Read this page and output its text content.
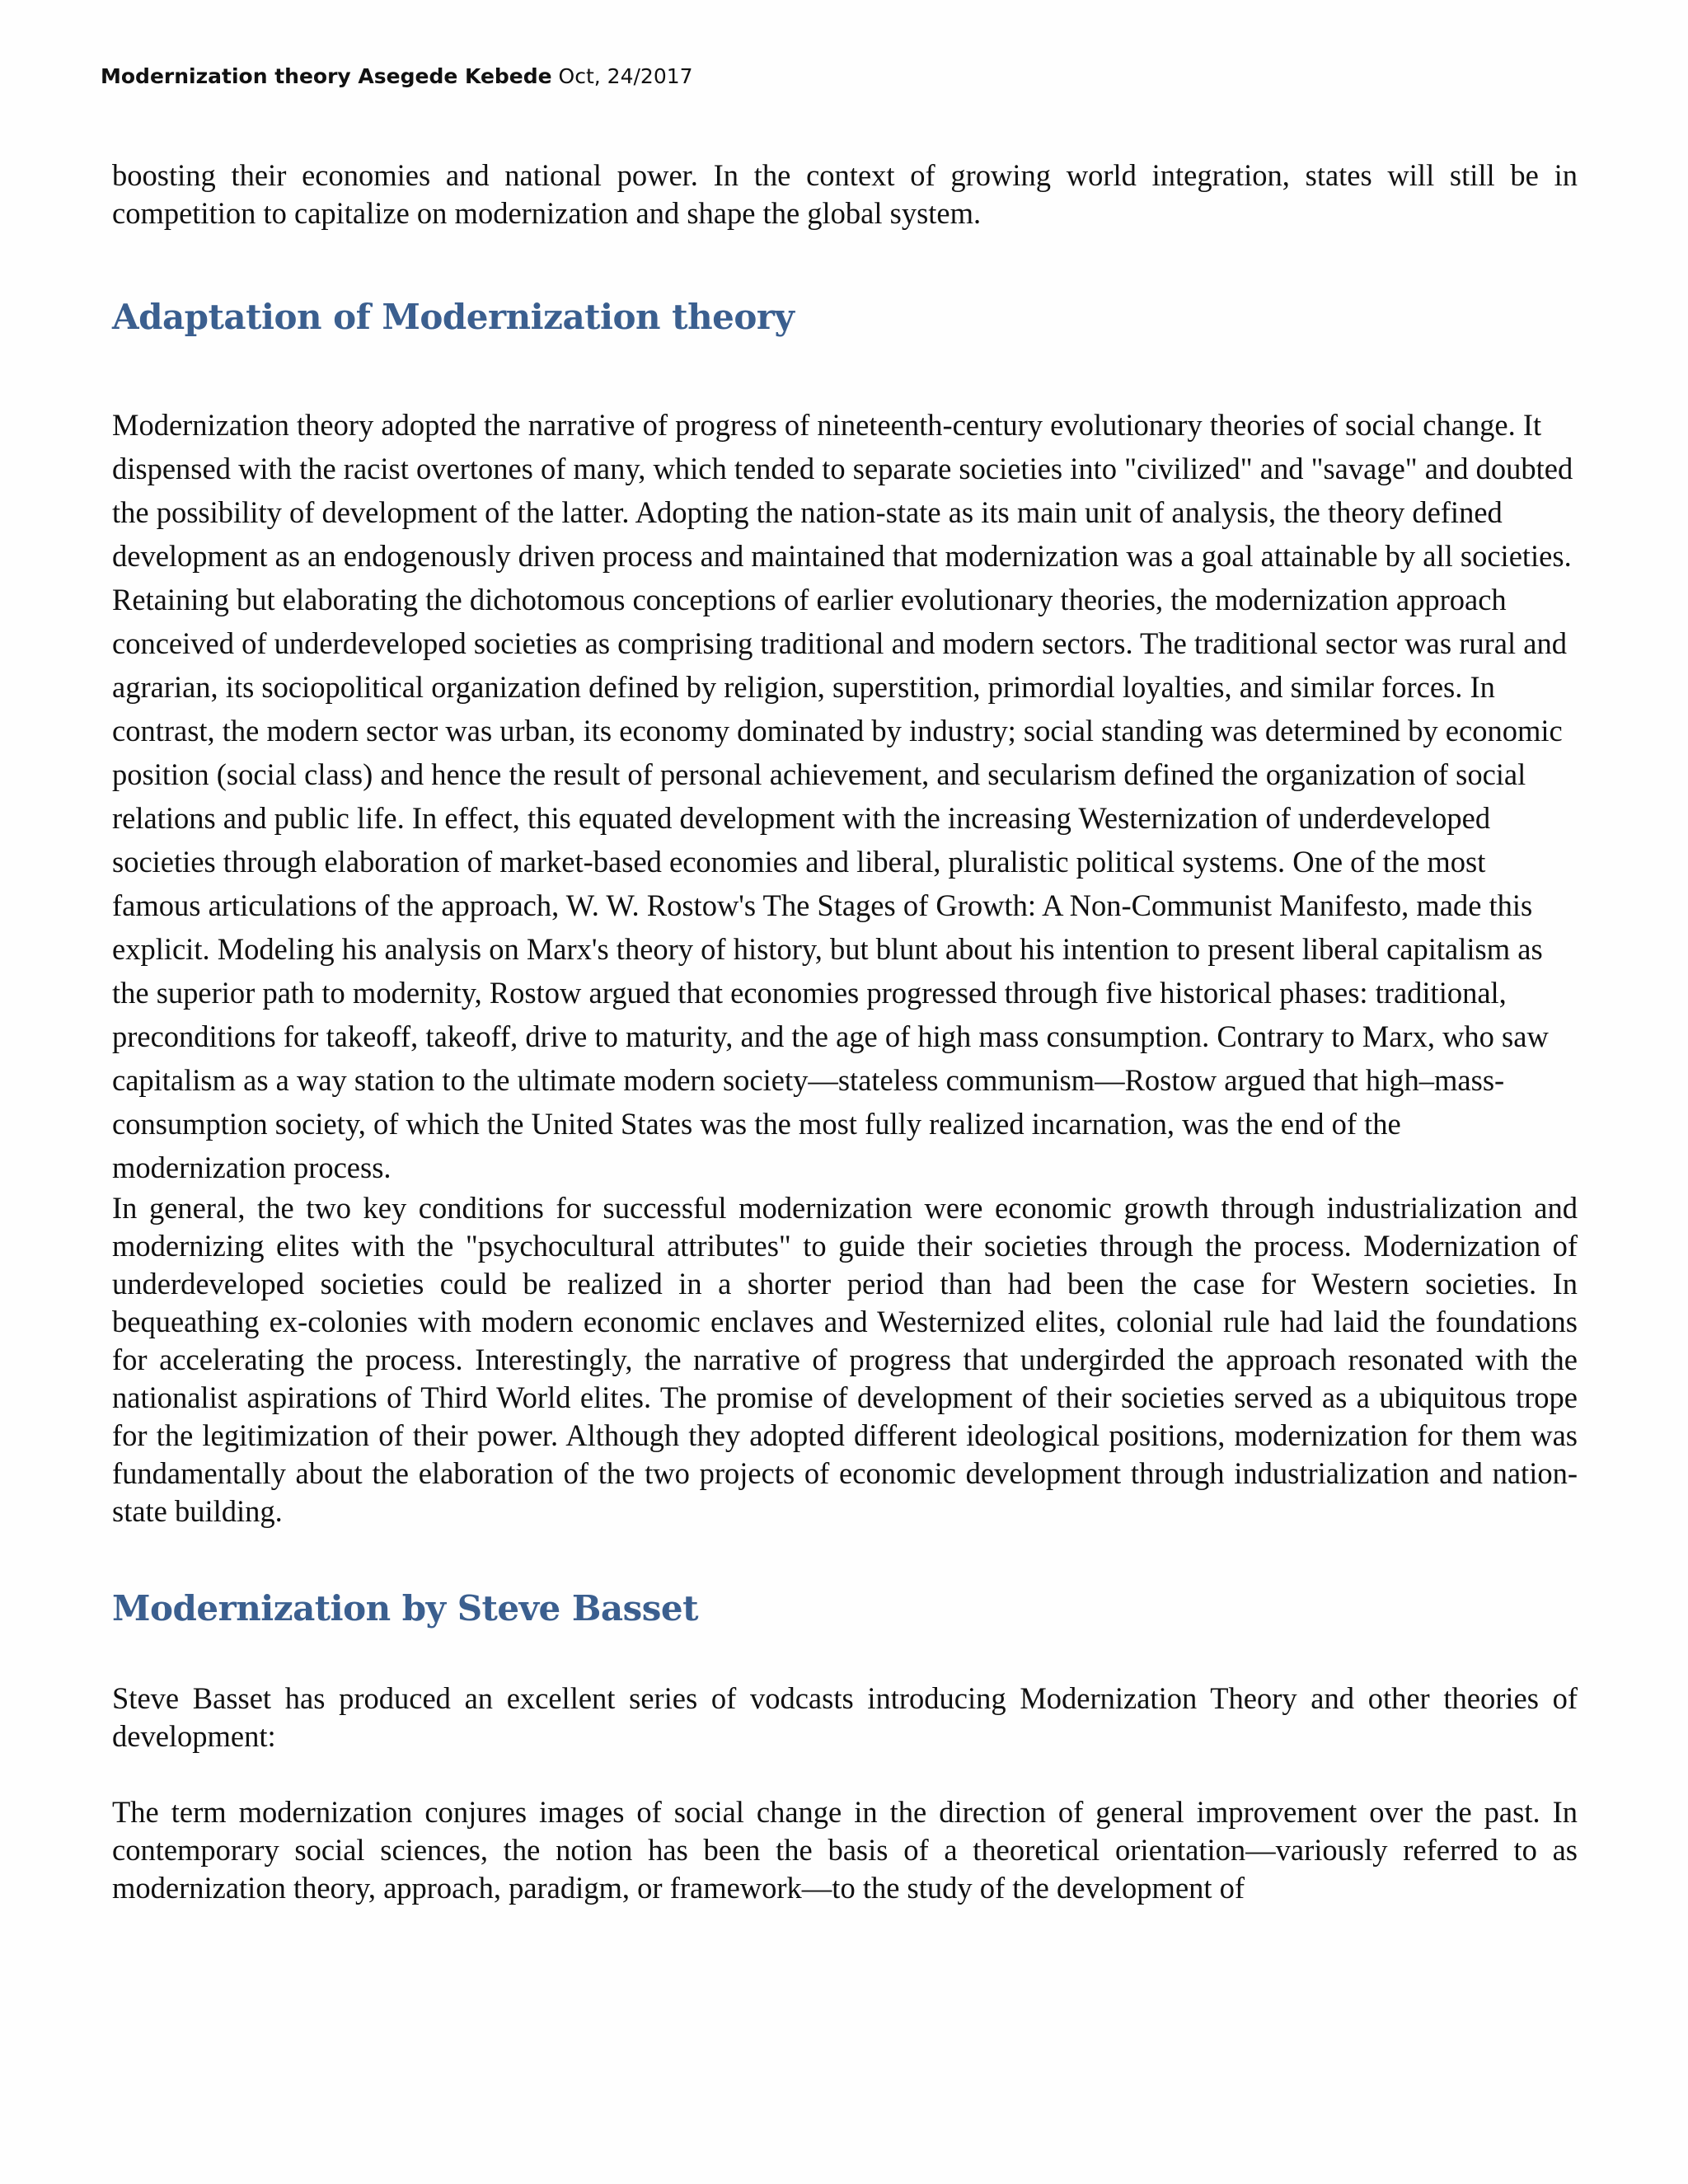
Modernization theory Asegede Kebede Oct, 24/2017

boosting their economies and national power. In the context of growing world integration, states will still be in competition to capitalize on modernization and shape the global system.

Adaptation of Modernization theory

Modernization theory adopted the narrative of progress of nineteenth-century evolutionary theories of social change. It dispensed with the racist overtones of many, which tended to separate societies into "civilized" and "savage" and doubted the possibility of development of the latter. Adopting the nation-state as its main unit of analysis, the theory defined development as an endogenously driven process and maintained that modernization was a goal attainable by all societies. Retaining but elaborating the dichotomous conceptions of earlier evolutionary theories, the modernization approach conceived of underdeveloped societies as comprising traditional and modern sectors. The traditional sector was rural and agrarian, its sociopolitical organization defined by religion, superstition, primordial loyalties, and similar forces. In contrast, the modern sector was urban, its economy dominated by industry; social standing was determined by economic position (social class) and hence the result of personal achievement, and secularism defined the organization of social relations and public life. In effect, this equated development with the increasing Westernization of underdeveloped societies through elaboration of market-based economies and liberal, pluralistic political systems. One of the most famous articulations of the approach, W. W. Rostow's The Stages of Growth: A Non-Communist Manifesto, made this explicit. Modeling his analysis on Marx's theory of history, but blunt about his intention to present liberal capitalism as the superior path to modernity, Rostow argued that economies progressed through five historical phases: traditional, preconditions for takeoff, takeoff, drive to maturity, and the age of high mass consumption. Contrary to Marx, who saw capitalism as a way station to the ultimate modern society—stateless communism—Rostow argued that high–mass-consumption society, of which the United States was the most fully realized incarnation, was the end of the modernization process.

In general, the two key conditions for successful modernization were economic growth through industrialization and modernizing elites with the "psychocultural attributes" to guide their societies through the process. Modernization of underdeveloped societies could be realized in a shorter period than had been the case for Western societies. In bequeathing ex-colonies with modern economic enclaves and Westernized elites, colonial rule had laid the foundations for accelerating the process. Interestingly, the narrative of progress that undergirded the approach resonated with the nationalist aspirations of Third World elites. The promise of development of their societies served as a ubiquitous trope for the legitimization of their power. Although they adopted different ideological positions, modernization for them was fundamentally about the elaboration of the two projects of economic development through industrialization and nation-state building.

Modernization by Steve Basset

Steve Basset has produced an excellent series of vodcasts introducing Modernization Theory and other theories of development:

The term modernization conjures images of social change in the direction of general improvement over the past. In contemporary social sciences, the notion has been the basis of a theoretical orientation—variously referred to as modernization theory, approach, paradigm, or framework—to the study of the development of
